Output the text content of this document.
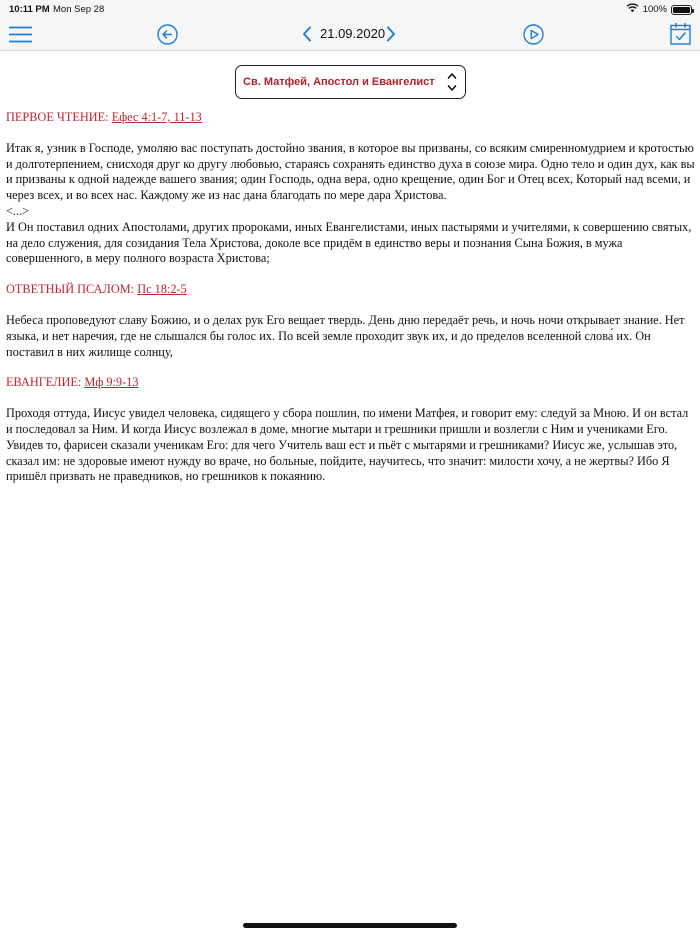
10:11 PM Mon Sep 28	100%
21.09.2020
Св. Матфей, Апостол и Евангелист

ПЕРВОЕ ЧТЕНИЕ: Ефес 4:1-7, 11-13

Итак я, узник в Господе, умоляю вас поступать достойно звания, в которое вы призваны, со всяким смиренномудрием и кротостью и долготерпением, снисходя друг ко другу любовью, стараясь сохранять единство духа в союзе мира. Одно тело и один дух, как вы и призваны к одной надежде вашего звания; один Господь, одна вера, одно крещение, один Бог и Отец всех, Который над всеми, и через всех, и во всех нас. Каждому же из нас дана благодать по мере дара Христова.

<...>

И Он поставил одних Апостолами, других пророками, иных Евангелистами, иных пастырями и учителями, к совершению святых, на дело служения, для созидания Тела Христова, доколе все придём в единство веры и познания Сына Божия, в мужа совершенного, в меру полного возраста Христова;

ОТВЕТНЫЙ ПСАЛОМ: Пс 18:2-5

Небеса проповедуют славу Божию, и о делах рук Его вещает твердь. День дню передаёт речь, и ночь ночи открывает знание. Нет языка, и нет наречия, где не слышался бы голос их. По всей земле проходит звук их, и до пределов вселенной слова́ их. Он поставил в них жилище солнцу,

ЕВАНГЕЛИЕ: Мф 9:9-13

Проходя оттуда, Иисус увидел человека, сидящего у сбора пошлин, по имени Матфея, и говорит ему: следуй за Мною. И он встал и последовал за Ним. И когда Иисус возлежал в доме, многие мытари и грешники пришли и возлегли с Ним и учениками Его. Увидев то, фарисеи сказали ученикам Его: для чего Учитель ваш ест и пьёт с мытарями и грешниками? Иисус же, услышав это, сказал им: не здоровые имеют нужду во враче, но больные, пойдите, научитесь, что значит: милости хочу, а не жертвы? Ибо Я пришёл призвать не праведников, но грешников к покаянию.
